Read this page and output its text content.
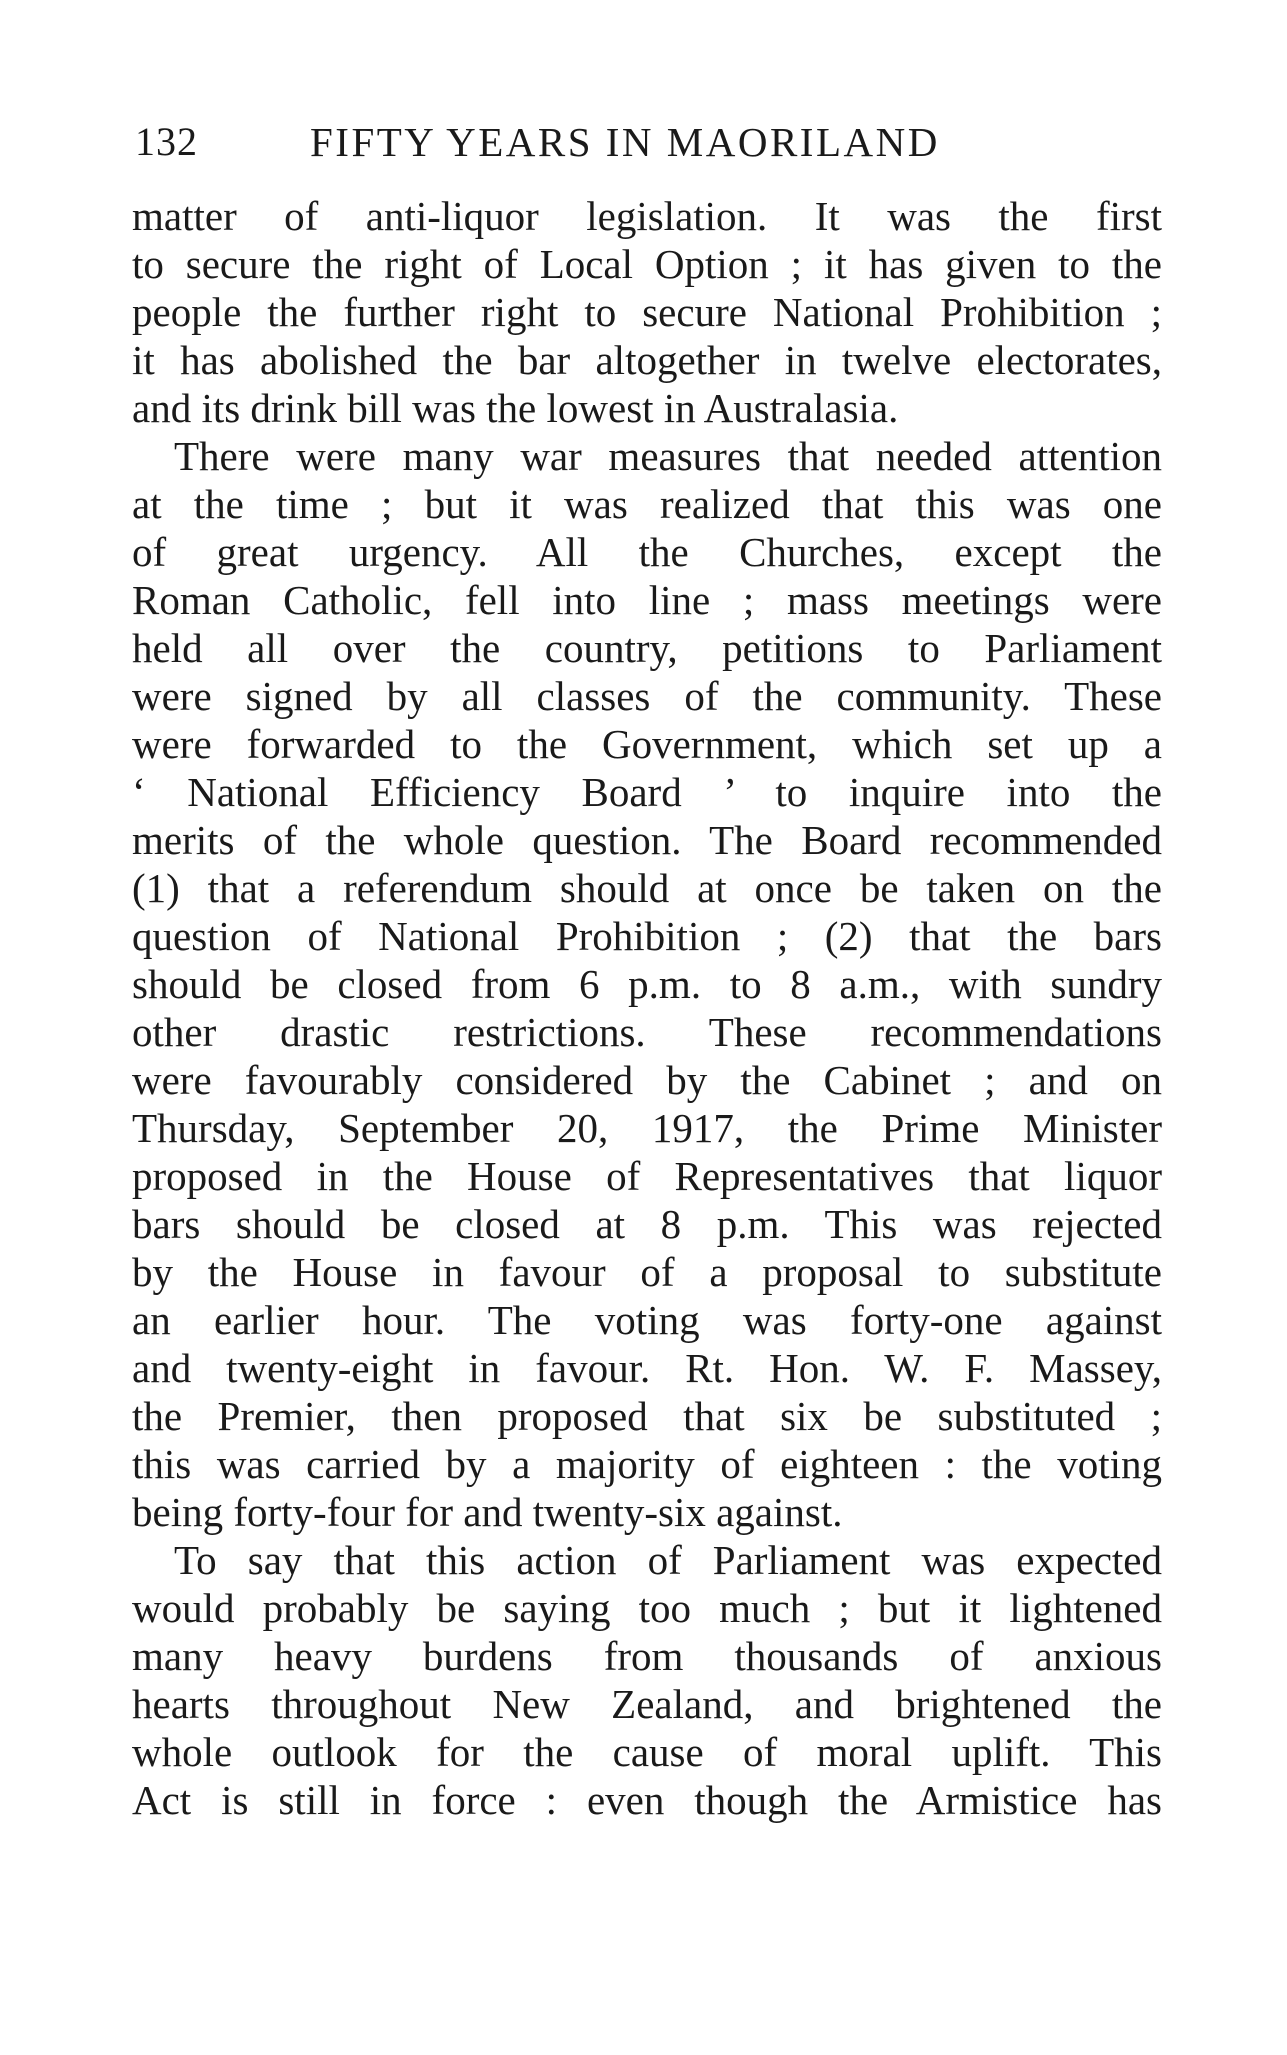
132	FIFTY YEARS IN MAORILAND
matter of anti-liquor legislation. It was the first
to secure the right of Local Option ; it has given to the
people the further right to secure National Prohibition ;
it has abolished the bar altogether in twelve electorates,
and its drink bill was the lowest in Australasia.
There were many war measures that needed attention
at the time ; but it was realized that this was one
of great urgency. All the Churches, except the
Roman Catholic, fell into line ; mass meetings were
held all over the country, petitions to Parliament
were signed by all classes of the community. These
were forwarded to the Government, which set up a
‘ National Efficiency Board ’ to inquire into the
merits of the whole question. The Board recommended
(1) that a referendum should at once be taken on the
question of National Prohibition ; (2) that the bars
should be closed from 6 p.m. to 8 a.m., with sundry
other drastic restrictions. These recommendations
were favourably considered by the Cabinet ; and on
Thursday, September 20, 1917, the Prime Minister
proposed in the House of Representatives that liquor
bars should be closed at 8 p.m. This was rejected
by the House in favour of a proposal to substitute
an earlier hour. The voting was forty-one against
and twenty-eight in favour. Rt. Hon. W. F. Massey,
the Premier, then proposed that six be substituted ;
this was carried by a majority of eighteen : the voting
being forty-four for and twenty-six against.
To say that this action of Parliament was expected
would probably be saying too much ; but it lightened
many heavy burdens from thousands of anxious
hearts throughout New Zealand, and brightened the
whole outlook for the cause of moral uplift. This
Act is still in force : even though the Armistice has
